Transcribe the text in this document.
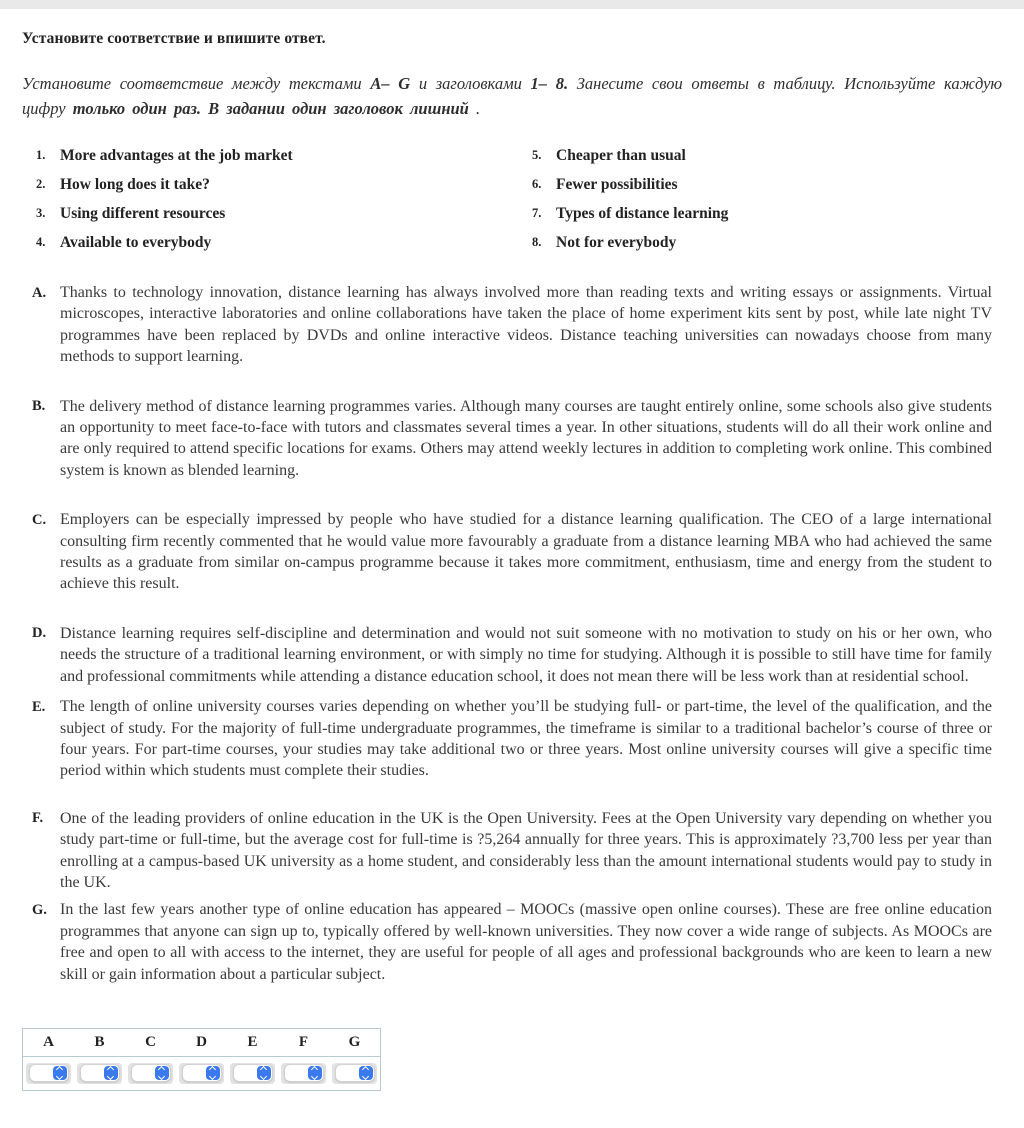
Установите соответствие и впишите ответ.

Установите соответствие между текстами A– G и заголовками 1– 8. Занесите свои ответы в таблицу. Используйте каждую цифру только один раз. В задании один заголовок лишний .

1. More advantages at the job market
2. How long does it take?
3. Using different resources
4. Available to everybody
5. Cheaper than usual
6. Fewer possibilities
7. Types of distance learning
8. Not for everybody
A. Thanks to technology innovation, distance learning has always involved more than reading texts and writing essays or assignments. Virtual microscopes, interactive laboratories and online collaborations have taken the place of home experiment kits sent by post, while late night TV programmes have been replaced by DVDs and online interactive videos. Distance teaching universities can nowadays choose from many methods to support learning.
B. The delivery method of distance learning programmes varies. Although many courses are taught entirely online, some schools also give students an opportunity to meet face-to-face with tutors and classmates several times a year. In other situations, students will do all their work online and are only required to attend specific locations for exams. Others may attend weekly lectures in addition to completing work online. This combined system is known as blended learning.
C. Employers can be especially impressed by people who have studied for a distance learning qualification. The CEO of a large international consulting firm recently commented that he would value more favourably a graduate from a distance learning MBA who had achieved the same results as a graduate from similar on-campus programme because it takes more commitment, enthusiasm, time and energy from the student to achieve this result.
D. Distance learning requires self-discipline and determination and would not suit someone with no motivation to study on his or her own, who needs the structure of a traditional learning environment, or with simply no time for studying. Although it is possible to still have time for family and professional commitments while attending a distance education school, it does not mean there will be less work than at residential school.
E. The length of online university courses varies depending on whether you’ll be studying full- or part-time, the level of the qualification, and the subject of study. For the majority of full-time undergraduate programmes, the timeframe is similar to a traditional bachelor’s course of three or four years. For part-time courses, your studies may take additional two or three years. Most online university courses will give a specific time period within which students must complete their studies.
F. One of the leading providers of online education in the UK is the Open University. Fees at the Open University vary depending on whether you study part-time or full-time, but the average cost for full-time is ?5,264 annually for three years. This is approximately ?3,700 less per year than enrolling at a campus-based UK university as a home student, and considerably less than the amount international students would pay to study in the UK.
G. In the last few years another type of online education has appeared – MOOCs (massive open online courses). These are free online education programmes that anyone can sign up to, typically offered by well-known universities. They now cover a wide range of subjects. As MOOCs are free and open to all with access to the internet, they are useful for people of all ages and professional backgrounds who are keen to learn a new skill or gain information about a particular subject.
A	B	C	D	E	F	G
